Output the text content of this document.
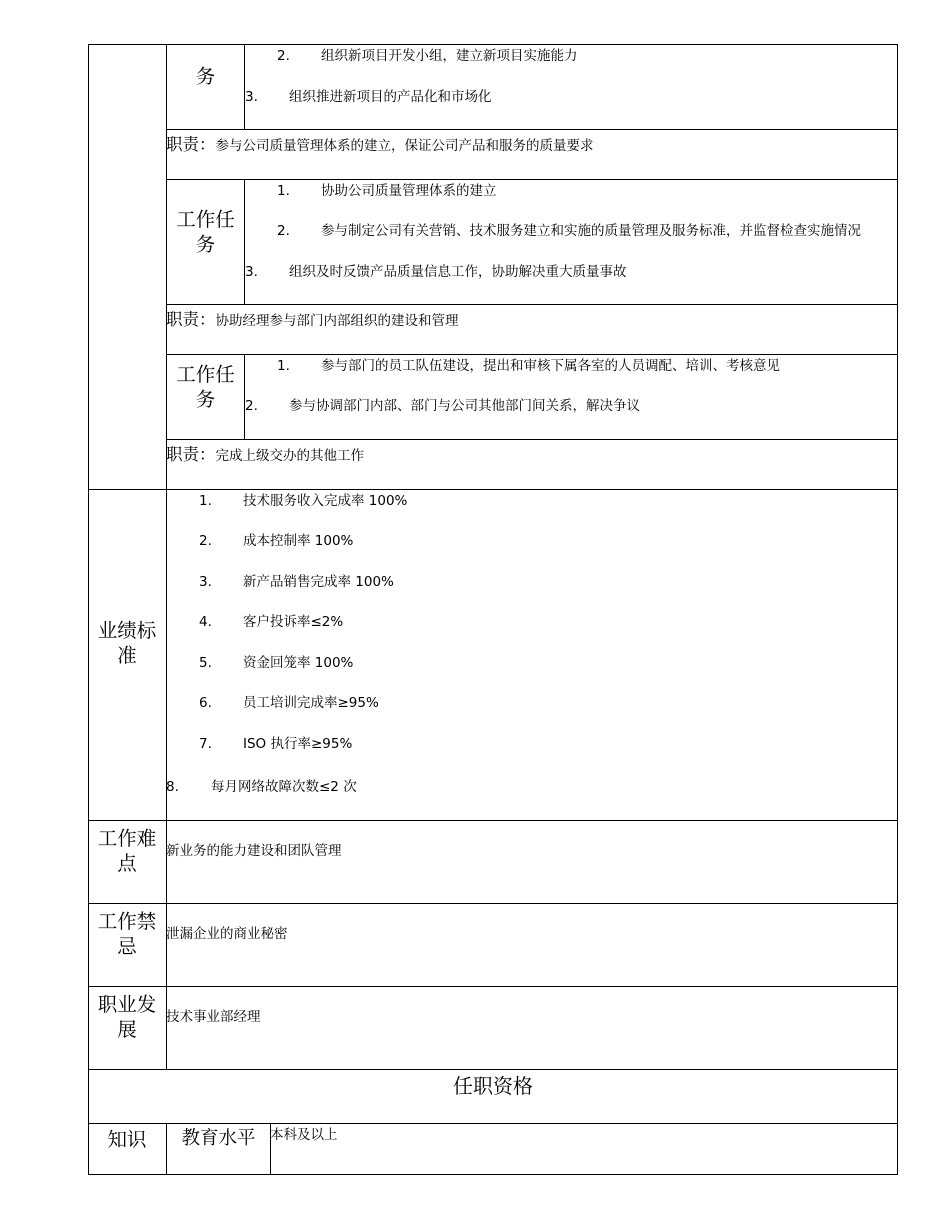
务
2. 组织新项目开发小组，建立新项目实施能力
3. 组织推进新项目的产品化和市场化
职责：参与公司质量管理体系的建立，保证公司产品和服务的质量要求
工作任务
1. 协助公司质量管理体系的建立
2. 参与制定公司有关营销、技术服务建立和实施的质量管理及服务标准，并监督检查实施情况
3. 组织及时反馈产品质量信息工作，协助解决重大质量事故
职责：协助经理参与部门内部组织的建设和管理
工作任务
1. 参与部门的员工队伍建设，提出和审核下属各室的人员调配、培训、考核意见
2. 参与协调部门内部、部门与公司其他部门间关系，解决争议
职责：完成上级交办的其他工作
业绩标准
1. 技术服务收入完成率 100%
2. 成本控制率 100%
3. 新产品销售完成率 100%
4. 客户投诉率≤2%
5. 资金回笼率 100%
6. 员工培训完成率≥95%
7. ISO 执行率≥95%
8. 每月网络故障次数≤2 次
工作难点
新业务的能力建设和团队管理
工作禁忌
泄漏企业的商业秘密
职业发展
技术事业部经理
任职资格
知识	教育水平	本科及以上
